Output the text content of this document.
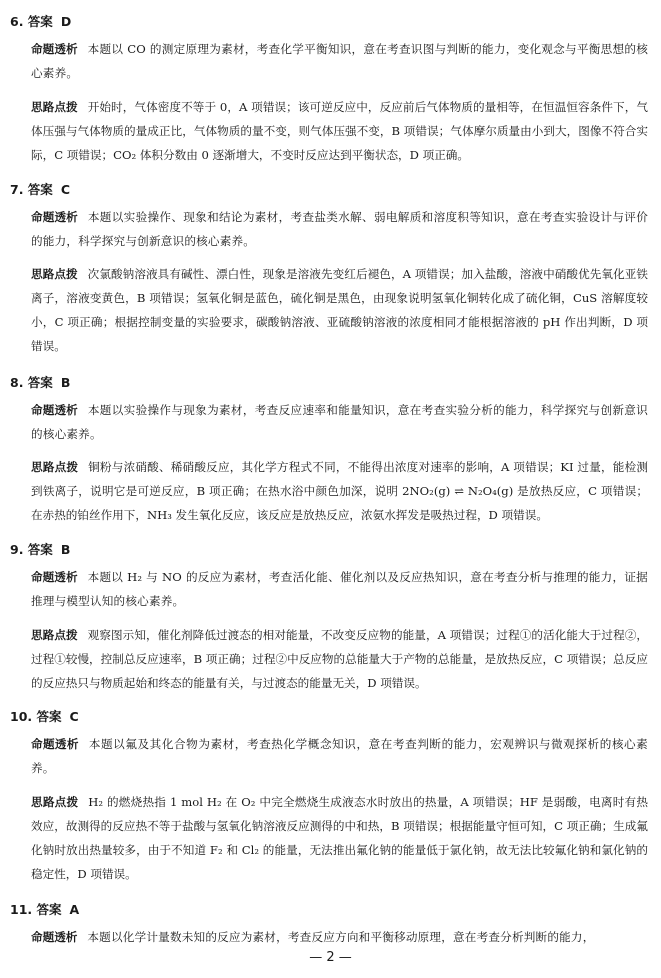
6. 答案 D
命题透析 本题以 CO 的测定原理为素材，考查化学平衡知识，意在考查识图与判断的能力，变化观念与平衡思想的核心素养。
思路点拨 开始时，气体密度不等于 0，A 项错误；该可逆反应中，反应前后气体物质的量相等，在恒温恒容条件下，气体压强与气体物质的量成正比，气体物质的量不变，则气体压强不变，B 项错误；气体摩尔质量由小到大，图像不符合实际，C 项错误；CO₂ 体积分数由 0 逐渐增大，不变时反应达到平衡状态，D 项正确。
7. 答案 C
命题透析 本题以实验操作、现象和结论为素材，考查盐类水解、弱电解质和溶度积等知识，意在考查实验设计与评价的能力，科学探究与创新意识的核心素养。
思路点拨 次氯酸钠溶液具有碱性、漂白性，现象是溶液先变红后褪色，A 项错误；加入盐酸，溶液中硝酸优先氧化亚铁离子，溶液变黄色，B 项错误；氢氧化铜是蓝色，硫化铜是黑色，由现象说明氢氧化铜转化成了硫化铜，CuS 溶解度较小，C 项正确；根据控制变量的实验要求，碳酸钠溶液、亚硫酸钠溶液的浓度相同才能根据溶液的 pH 作出判断，D 项错误。
8. 答案 B
命题透析 本题以实验操作与现象为素材，考查反应速率和能量知识，意在考查实验分析的能力，科学探究与创新意识的核心素养。
思路点拨 铜粉与浓硝酸、稀硝酸反应，其化学方程式不同，不能得出浓度对速率的影响，A 项错误；KI 过量，能检测到铁离子，说明它是可逆反应，B 项正确；在热水浴中颜色加深，说明 2NO₂(g) ⇌ N₂O₄(g) 是放热反应，C 项错误；在赤热的铂丝作用下，NH₃ 发生氧化反应，该反应是放热反应，浓氨水挥发是吸热过程，D 项错误。
9. 答案 B
命题透析 本题以 H₂ 与 NO 的反应为素材，考查活化能、催化剂以及反应热知识，意在考查分析与推理的能力，证据推理与模型认知的核心素养。
思路点拨 观察图示知，催化剂降低过渡态的相对能量，不改变反应物的能量，A 项错误；过程①的活化能大于过程②，过程①较慢，控制总反应速率，B 项正确；过程②中反应物的总能量大于产物的总能量，是放热反应，C 项错误；总反应的反应热只与物质起始和终态的能量有关，与过渡态的能量无关，D 项错误。
10. 答案 C
命题透析 本题以氟及其化合物为素材，考查热化学概念知识，意在考查判断的能力，宏观辨识与微观探析的核心素养。
思路点拨 H₂ 的燃烧热指 1 mol H₂ 在 O₂ 中完全燃烧生成液态水时放出的热量，A 项错误；HF 是弱酸，电离时有热效应，故测得的反应热不等于盐酸与氢氧化钠溶液反应测得的中和热，B 项错误；根据能量守恒可知，C 项正确；生成氟化钠时放出热量较多，由于不知道 F₂ 和 Cl₂ 的能量，无法推出氟化钠的能量低于氯化钠，故无法比较氟化钠和氯化钠的稳定性，D 项错误。
11. 答案 A
命题透析 本题以化学计量数未知的反应为素材，考查反应方向和平衡移动原理，意在考查分析判断的能力，
— 2 —
